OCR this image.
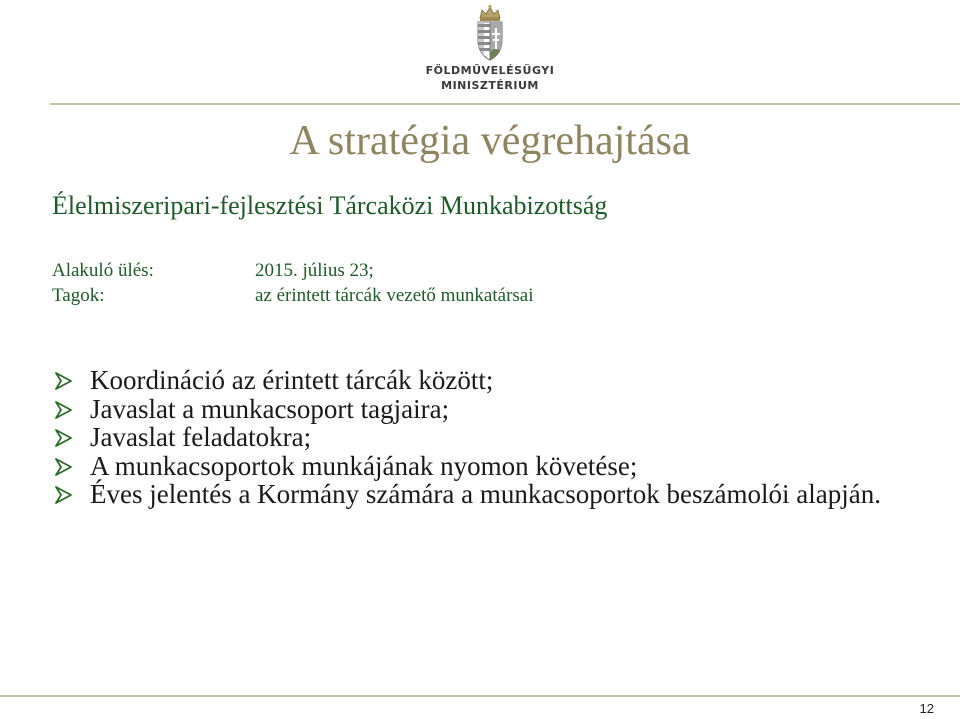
FÖLDMŰVELÉSÜGYI
MINISZTÉRIUM
A stratégia végrehajtása
Élelmiszeripari-fejlesztési Tárcaközi Munkabizottság
Alakuló ülés:	2015. július 23;
Tagok:	az érintett tárcák vezető munkatársai
Koordináció az érintett tárcák között;
Javaslat a munkacsoport tagjaira;
Javaslat feladatokra;
A munkacsoportok munkájának nyomon követése;
Éves jelentés a Kormány számára a munkacsoportok beszámolói alapján.
12
